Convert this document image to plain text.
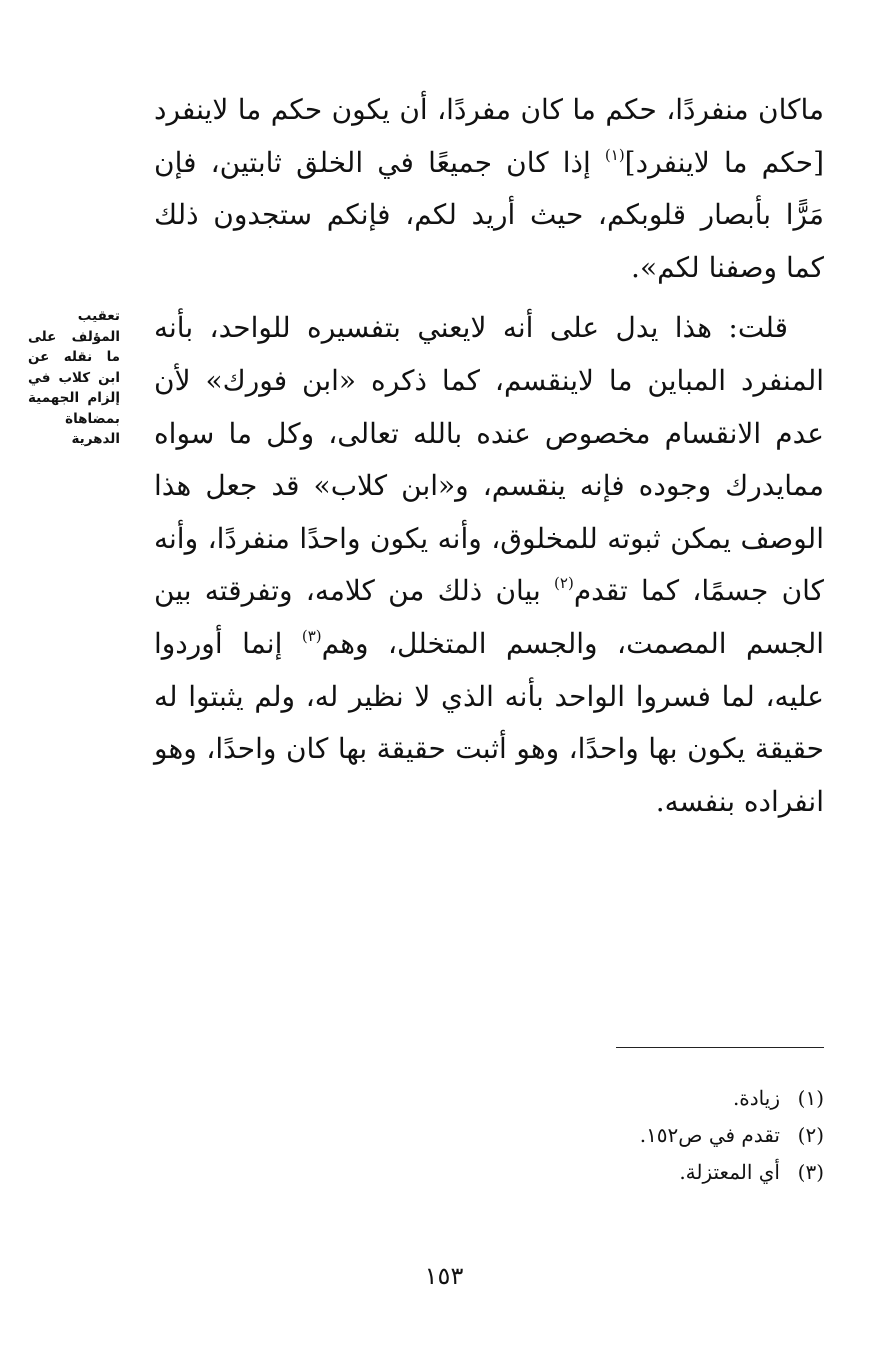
ماكان منفردًا، حكم ما كان مفردًا، أن يكون حكم ما لاينفرد [حكم ما لاينفرد]$^{(١)}$ إذا كان جميعًا في الخلق ثابتين، فإن مَرًّا بأبصار قلوبكم، حيث أريد لكم، فإنكم ستجدون ذلك كما وصفنا لكم».

قلت: هذا يدل على أنه لايعني بتفسيره للواحد، بأنه المنفرد المباين ما لاينقسم، كما ذكره «ابن فورك» لأن عدم الانقسام مخصوص عنده بالله تعالى، وكل ما سواه ممايدرك وجوده فإنه ينقسم، و«ابن كلاب» قد جعل هذا الوصف يمكن ثبوته للمخلوق، وأنه يكون واحدًا منفردًا، وأنه كان جسمًا، كما تقدم$^{(٢)}$ بيان ذلك من كلامه، وتفرقته بين الجسم المصمت، والجسم المتخلل، وهم$^{(٣)}$ إنما أوردوا عليه، لما فسروا الواحد بأنه الذي لا نظير له، ولم يثبتوا له حقيقة يكون بها واحدًا، وهو أثبت حقيقة بها كان واحدًا، وهو انفراده بنفسه.

تعقيب المؤلف على ما نقله عن ابن كلاب في إلزام الجهمية بمضاهاة الدهرية
(١)
زيادة.
(٢)
تقدم في ص١٥٢.
(٣)
أي المعتزلة.
١٥٣
